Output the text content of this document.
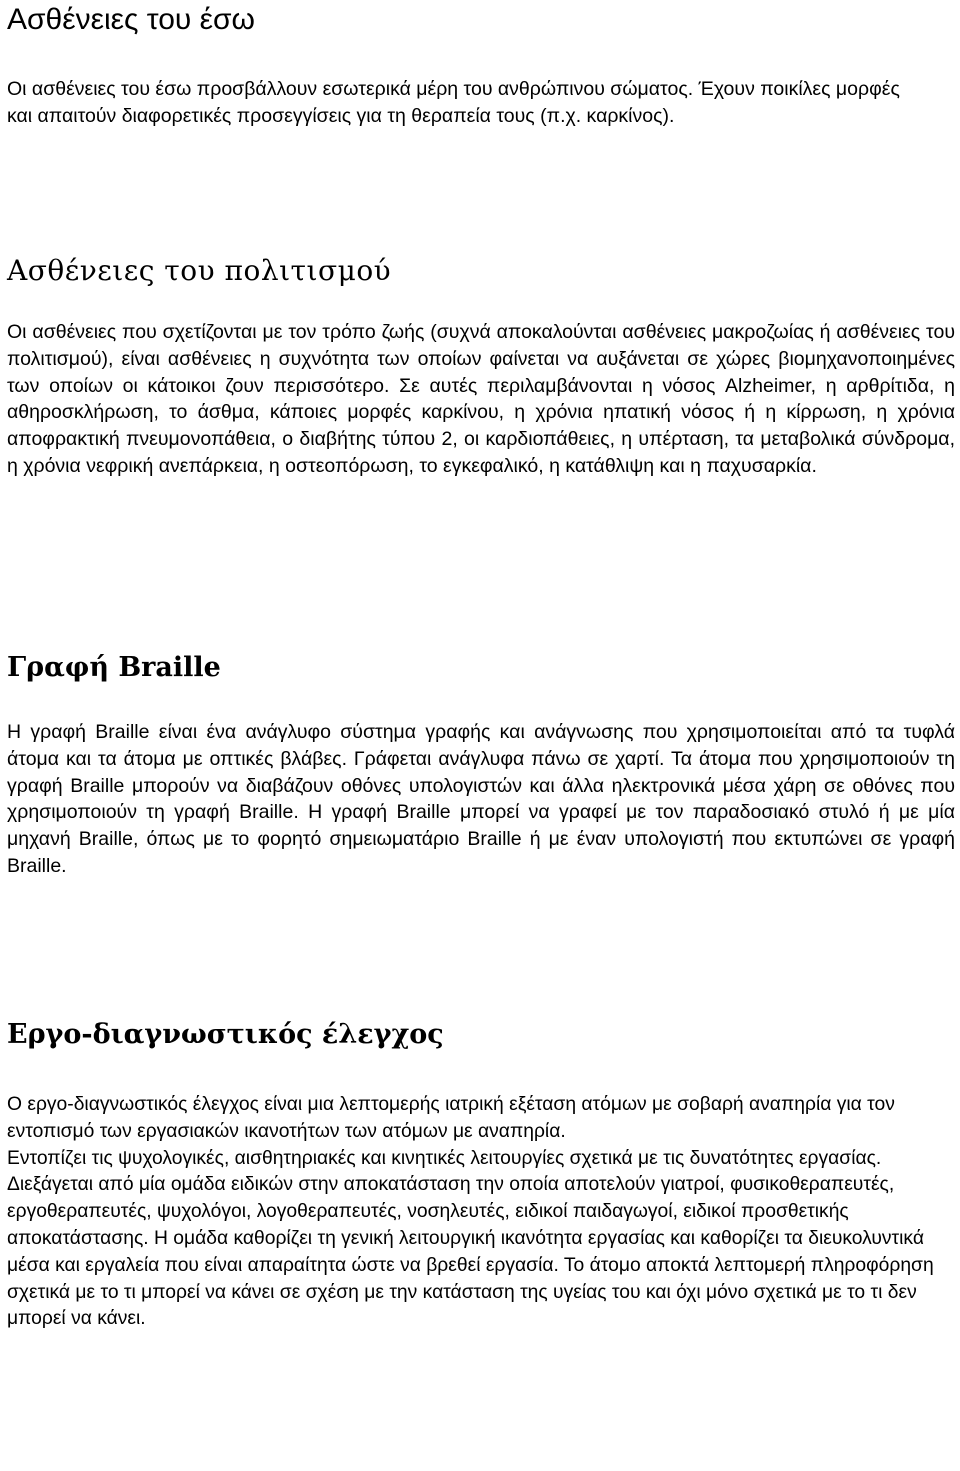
Ασθένειες του έσω

Οι ασθένειες του έσω προσβάλλουν εσωτερικά μέρη του ανθρώπινου σώματος. Έχουν ποικίλες μορφές και απαιτούν διαφορετικές προσεγγίσεις για τη θεραπεία τους (π.χ. καρκίνος).

Ασθένειες του πολιτισμού

Οι ασθένειες που σχετίζονται με τον τρόπο ζωής (συχνά αποκαλούνται ασθένειες μακροζωίας ή ασθένειες του πολιτισμού), είναι ασθένειες η συχνότητα των οποίων φαίνεται να αυξάνεται σε χώρες βιομηχανοποιημένες των οποίων οι κάτοικοι ζουν περισσότερο. Σε αυτές περιλαμβάνονται η νόσος Alzheimer, η αρθρίτιδα, η αθηροσκλήρωση, το άσθμα, κάποιες μορφές καρκίνου, η χρόνια ηπατική νόσος ή η κίρρωση, η χρόνια αποφρακτική πνευμονοπάθεια, ο διαβήτης τύπου 2, οι καρδιοπάθειες, η υπέρταση, τα μεταβολικά σύνδρομα, η χρόνια νεφρική ανεπάρκεια, η οστεοπόρωση, το εγκεφαλικό, η κατάθλιψη και η παχυσαρκία.

Γραφή Braille

Η γραφή Braille είναι ένα ανάγλυφο σύστημα γραφής και ανάγνωσης που χρησιμοποιείται από τα τυφλά άτομα και τα άτομα με οπτικές βλάβες. Γράφεται ανάγλυφα πάνω σε χαρτί. Τα άτομα που χρησιμοποιούν τη γραφή Braille μπορούν να διαβάζουν οθόνες υπολογιστών και άλλα ηλεκτρονικά μέσα χάρη σε οθόνες που χρησιμοποιούν τη γραφή Braille. Η γραφή Braille μπορεί να γραφεί με τον παραδοσιακό στυλό ή με μία μηχανή Braille, όπως με το φορητό σημειωματάριο Braille ή με έναν υπολογιστή που εκτυπώνει σε γραφή Braille.

Εργο-διαγνωστικός έλεγχος

Ο εργο-διαγνωστικός έλεγχος είναι μια λεπτομερής ιατρική εξέταση ατόμων με σοβαρή αναπηρία για τον εντοπισμό των εργασιακών ικανοτήτων των ατόμων με αναπηρία.

Εντοπίζει τις ψυχολογικές, αισθητηριακές και κινητικές λειτουργίες σχετικά με τις δυνατότητες εργασίας. Διεξάγεται από μία ομάδα ειδικών στην αποκατάσταση την οποία αποτελούν γιατροί, φυσικοθεραπευτές, εργοθεραπευτές, ψυχολόγοι, λογοθεραπευτές, νοσηλευτές, ειδικοί παιδαγωγοί, ειδικοί προσθετικής αποκατάστασης. Η ομάδα καθορίζει τη γενική λειτουργική ικανότητα εργασίας και καθορίζει τα διευκολυντικά μέσα και εργαλεία που είναι απαραίτητα ώστε να βρεθεί εργασία. Το άτομο αποκτά λεπτομερή πληροφόρηση σχετικά με το τι μπορεί να κάνει σε σχέση με την κατάσταση της υγείας του και όχι μόνο σχετικά με το τι δεν μπορεί να κάνει.
